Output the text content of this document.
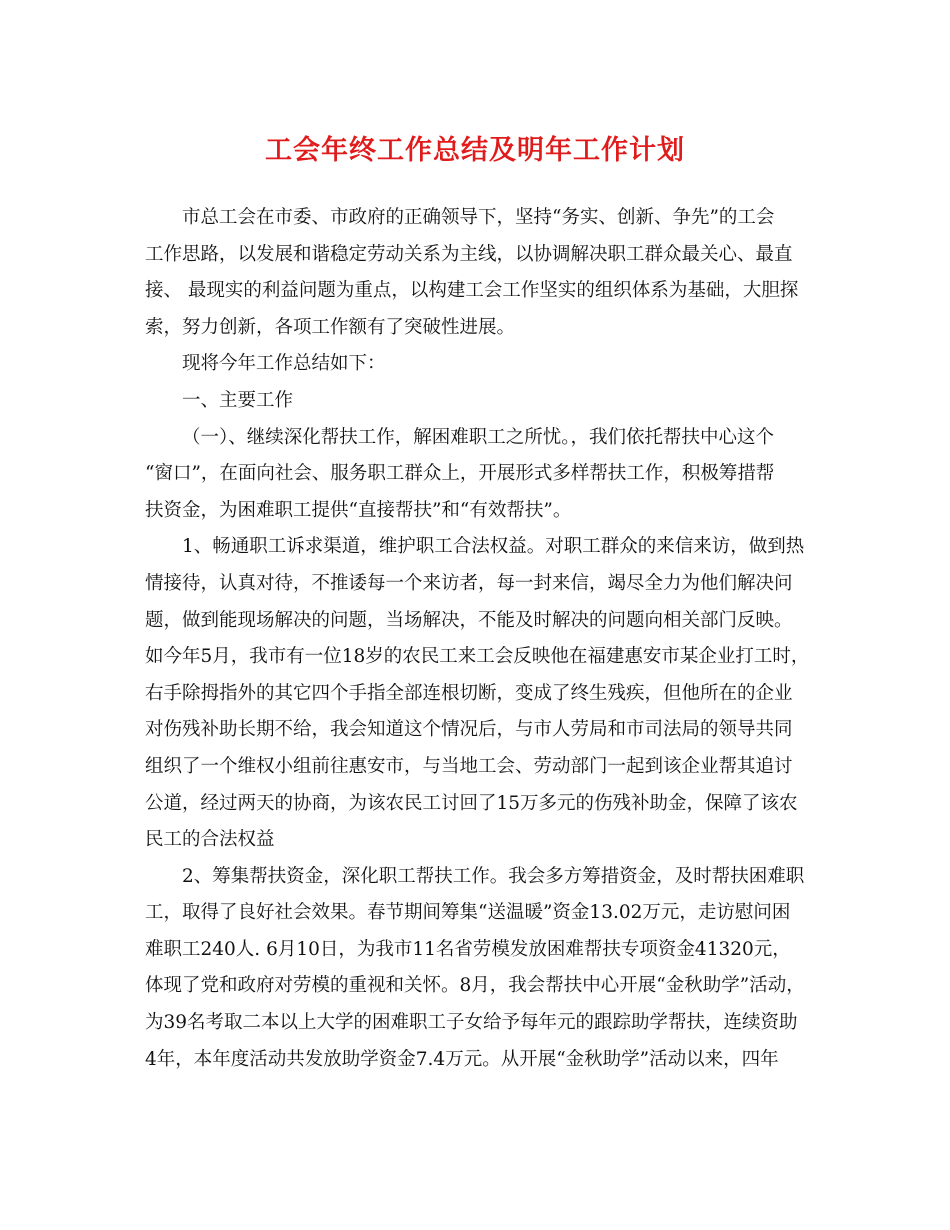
工会年终工作总结及明年工作计划
市总工会在市委、市政府的正确领导下，坚持“务实、创新、争先”的工会
工作思路，以发展和谐稳定劳动关系为主线，以协调解决职工群众最关心、最直
接、 最现实的利益问题为重点，以构建工会工作坚实的组织体系为基础，大胆探
索，努力创新，各项工作额有了突破性进展。
现将今年工作总结如下：
一、主要工作
（一）、继续深化帮扶工作，解困难职工之所忧。，我们依托帮扶中心这个
“窗口”，在面向社会、服务职工群众上，开展形式多样帮扶工作，积极筹措帮
扶资金，为困难职工提供“直接帮扶”和“有效帮扶”。
1、畅通职工诉求渠道，维护职工合法权益。对职工群众的来信来访，做到热
情接待，认真对待，不推诿每一个来访者，每一封来信，竭尽全力为他们解决问
题，做到能现场解决的问题，当场解决，不能及时解决的问题向相关部门反映。
如今年5月，我市有一位18岁的农民工来工会反映他在福建惠安市某企业打工时，
右手除拇指外的其它四个手指全部连根切断，变成了终生残疾，但他所在的企业
对伤残补助长期不给，我会知道这个情况后，与市人劳局和市司法局的领导共同
组织了一个维权小组前往惠安市，与当地工会、劳动部门一起到该企业帮其追讨
公道，经过两天的协商，为该农民工讨回了15万多元的伤残补助金，保障了该农
民工的合法权益
2、筹集帮扶资金，深化职工帮扶工作。我会多方筹措资金，及时帮扶困难职
工，取得了良好社会效果。春节期间筹集“送温暖”资金13.02万元，走访慰问困
难职工240人. 6月10日，为我市11名省劳模发放困难帮扶专项资金41320元，
体现了党和政府对劳模的重视和关怀。8月，我会帮扶中心开展“金秋助学”活动，
为39名考取二本以上大学的困难职工子女给予每年元的跟踪助学帮扶，连续资助
4年，本年度活动共发放助学资金7.4万元。从开展“金秋助学”活动以来，四年
